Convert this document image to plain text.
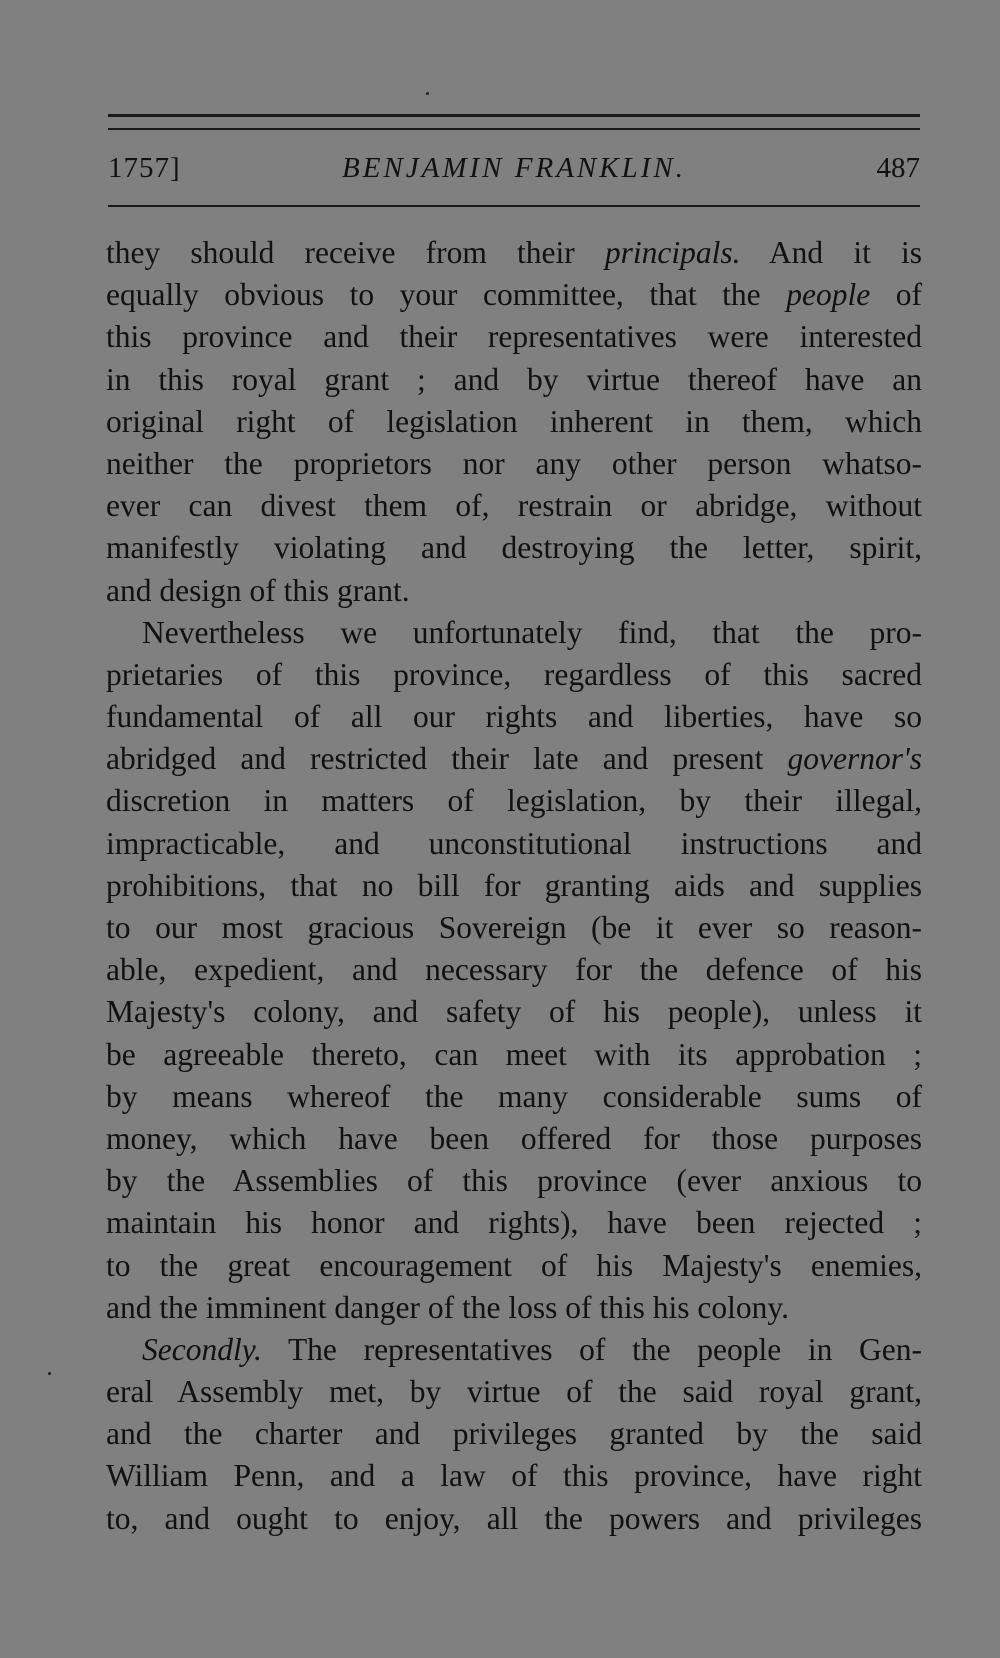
1757]	BENJAMIN FRANKLIN.	487
they should receive from their principals. And it is
equally obvious to your committee, that the people of
this province and their representatives were interested
in this royal grant ; and by virtue thereof have an
original right of legislation inherent in them, which
neither the proprietors nor any other person whatso-
ever can divest them of, restrain or abridge, without
manifestly violating and destroying the letter, spirit,
and design of this grant.
Nevertheless we unfortunately find, that the pro-
prietaries of this province, regardless of this sacred
fundamental of all our rights and liberties, have so
abridged and restricted their late and present governor's
discretion in matters of legislation, by their illegal,
impracticable, and unconstitutional instructions and
prohibitions, that no bill for granting aids and supplies
to our most gracious Sovereign (be it ever so reason-
able, expedient, and necessary for the defence of his
Majesty's colony, and safety of his people), unless it
be agreeable thereto, can meet with its approbation ;
by means whereof the many considerable sums of
money, which have been offered for those purposes
by the Assemblies of this province (ever anxious to
maintain his honor and rights), have been rejected ;
to the great encouragement of his Majesty's enemies,
and the imminent danger of the loss of this his colony.
Secondly. The representatives of the people in Gen-
eral Assembly met, by virtue of the said royal grant,
and the charter and privileges granted by the said
William Penn, and a law of this province, have right
to, and ought to enjoy, all the powers and privileges
